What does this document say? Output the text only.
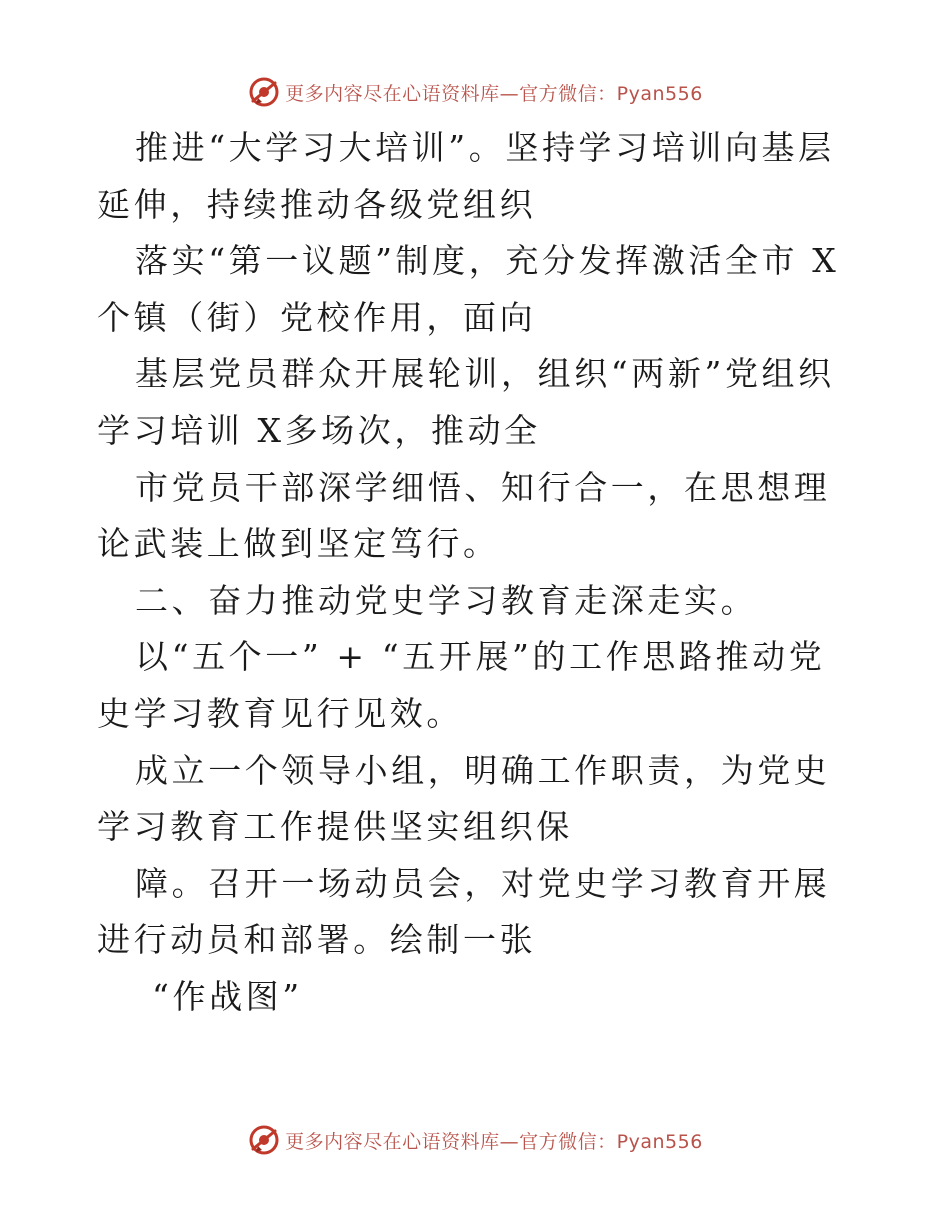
更多内容尽在心语资料库—官方微信：Pyan556

推进“大学习大培训”。坚持学习培训向基层延伸，持续推动各级党组织

落实“第一议题”制度，充分发挥激活全市 X 个镇（街）党校作用，面向

基层党员群众开展轮训，组织“两新”党组织学习培训 X多场次，推动全

市党员干部深学细悟、知行合一，在思想理论武装上做到坚定笃行。

二、奋力推动党史学习教育走深走实。

以“五个一” + “五开展”的工作思路推动党史学习教育见行见效。

成立一个领导小组，明确工作职责，为党史学习教育工作提供坚实组织保

障。召开一场动员会，对党史学习教育开展进行动员和部署。绘制一张

“作战图”

更多内容尽在心语资料库—官方微信：Pyan556
